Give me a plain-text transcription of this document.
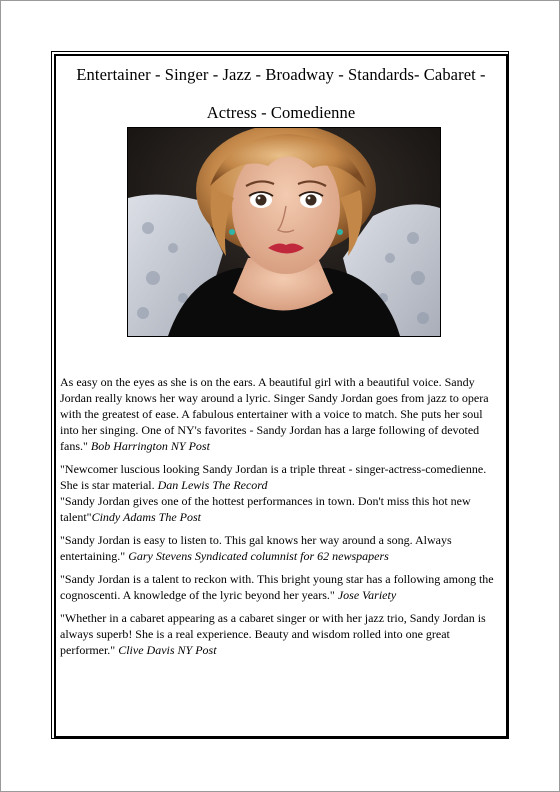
Entertainer - Singer - Jazz - Broadway - Standards- Cabaret -
Actress - Comedienne

As easy on the eyes as she is on the ears. A beautiful girl with a beautiful voice. Sandy Jordan really knows her way around a lyric. Singer Sandy Jordan goes from jazz to opera with the greatest of ease. A fabulous entertainer with a voice to match. She puts her soul into her singing. One of NY's favorites - Sandy Jordan has a large following of devoted fans." Bob Harrington NY Post

"Newcomer luscious looking Sandy Jordan is a triple threat - singer-actress-comedienne. She is star material. Dan Lewis The Record

"Sandy Jordan gives one of the hottest performances in town. Don't miss this hot new talent"Cindy Adams The Post

"Sandy Jordan is easy to listen to. This gal knows her way around a song. Always entertaining." Gary Stevens Syndicated columnist for 62 newspapers

"Sandy Jordan is a talent to reckon with. This bright young star has a following among the cognoscenti. A knowledge of the lyric beyond her years." Jose Variety

"Whether in a cabaret appearing as a cabaret singer or with her jazz trio, Sandy Jordan is always superb! She is a real experience. Beauty and wisdom rolled into one great performer." Clive Davis NY Post
